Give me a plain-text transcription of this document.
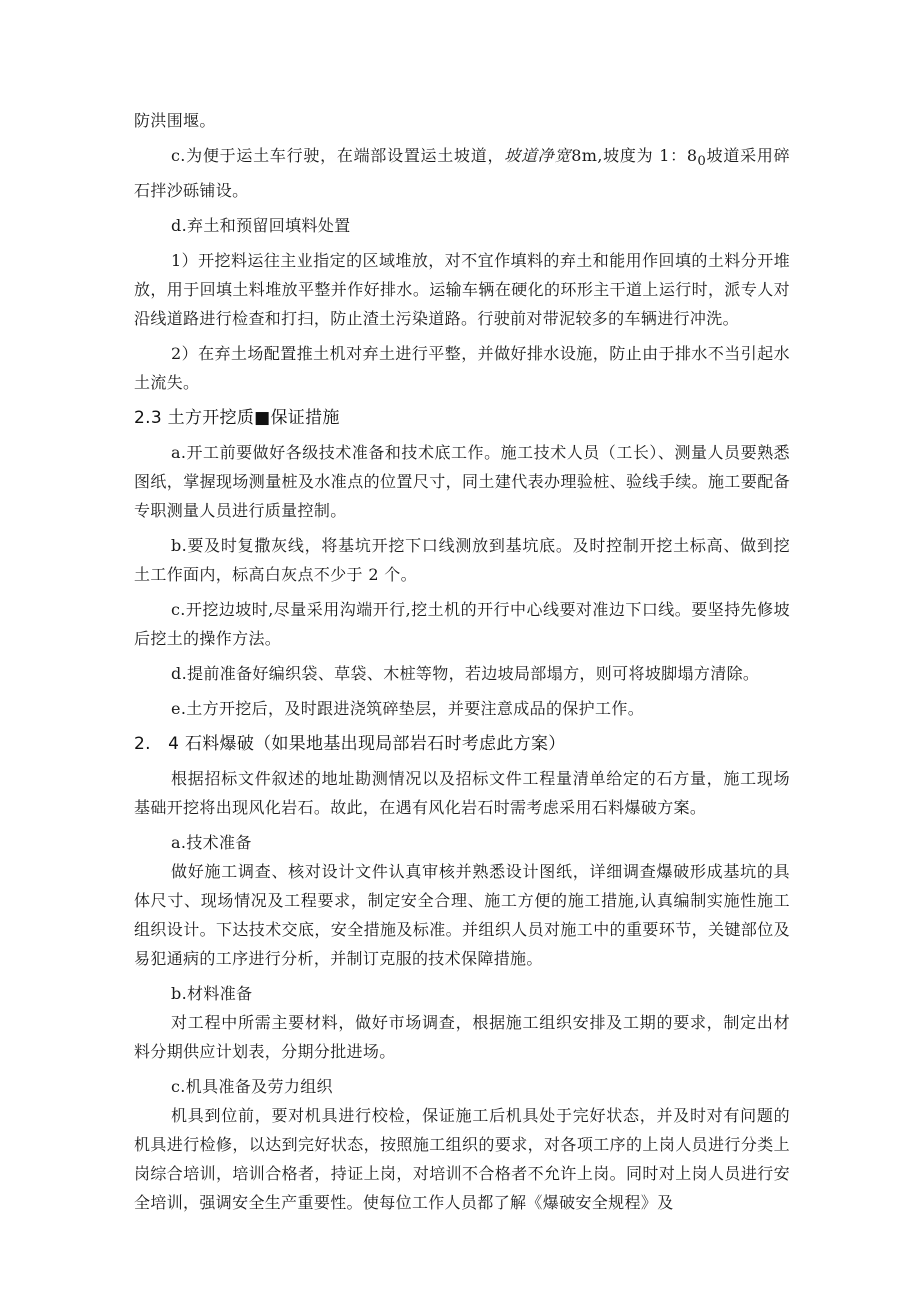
防洪围堰。

c.为便于运土车行驶，在端部设置运土坡道，坡道净宽8m,坡度为 1：$8_0$坡道采用碎石拌沙砾铺设。

d.弃土和预留回填料处置

1）开挖料运往主业指定的区域堆放，对不宜作填料的弃土和能用作回填的土料分开堆放，用于回填土料堆放平整并作好排水。运输车辆在硬化的环形主干道上运行时，派专人对沿线道路进行检查和打扫，防止渣土污染道路。行驶前对带泥较多的车辆进行冲洗。

2）在弃土场配置推土机对弃土进行平整，并做好排水设施，防止由于排水不当引起水土流失。

2.3 土方开挖质■保证措施

a.开工前要做好各级技术准备和技术底工作。施工技术人员（工长）、测量人员要熟悉图纸，掌握现场测量桩及水准点的位置尺寸，同土建代表办理验桩、验线手续。施工要配备专职测量人员进行质量控制。

b.要及时复撒灰线，将基坑开挖下口线测放到基坑底。及时控制开挖土标高、做到挖土工作面内，标高白灰点不少于 2 个。

c.开挖边坡时,尽量采用沟端开行,挖土机的开行中心线要对准边下口线。要坚持先修坡后挖土的操作方法。

d.提前准备好编织袋、草袋、木桩等物，若边坡局部塌方，则可将坡脚塌方清除。

e.土方开挖后，及时跟进浇筑碎垫层，并要注意成品的保护工作。

2.　4 石料爆破（如果地基出现局部岩石时考虑此方案）

根据招标文件叙述的地址勘测情况以及招标文件工程量清单给定的石方量，施工现场基础开挖将出现风化岩石。故此，在遇有风化岩石时需考虑采用石料爆破方案。

a.技术准备

做好施工调查、核对设计文件认真审核并熟悉设计图纸，详细调查爆破形成基坑的具体尺寸、现场情况及工程要求，制定安全合理、施工方便的施工措施,认真编制实施性施工组织设计。下达技术交底，安全措施及标准。并组织人员对施工中的重要环节，关键部位及易犯通病的工序进行分析，并制订克服的技术保障措施。

b.材料准备

对工程中所需主要材料，做好市场调查，根据施工组织安排及工期的要求，制定出材料分期供应计划表，分期分批进场。

c.机具准备及劳力组织

机具到位前，要对机具进行校检，保证施工后机具处于完好状态，并及时对有问题的机具进行检修，以达到完好状态，按照施工组织的要求，对各项工序的上岗人员进行分类上岗综合培训，培训合格者，持证上岗，对培训不合格者不允许上岗。同时对上岗人员进行安全培训，强调安全生产重要性。使每位工作人员都了解《爆破安全规程》及
